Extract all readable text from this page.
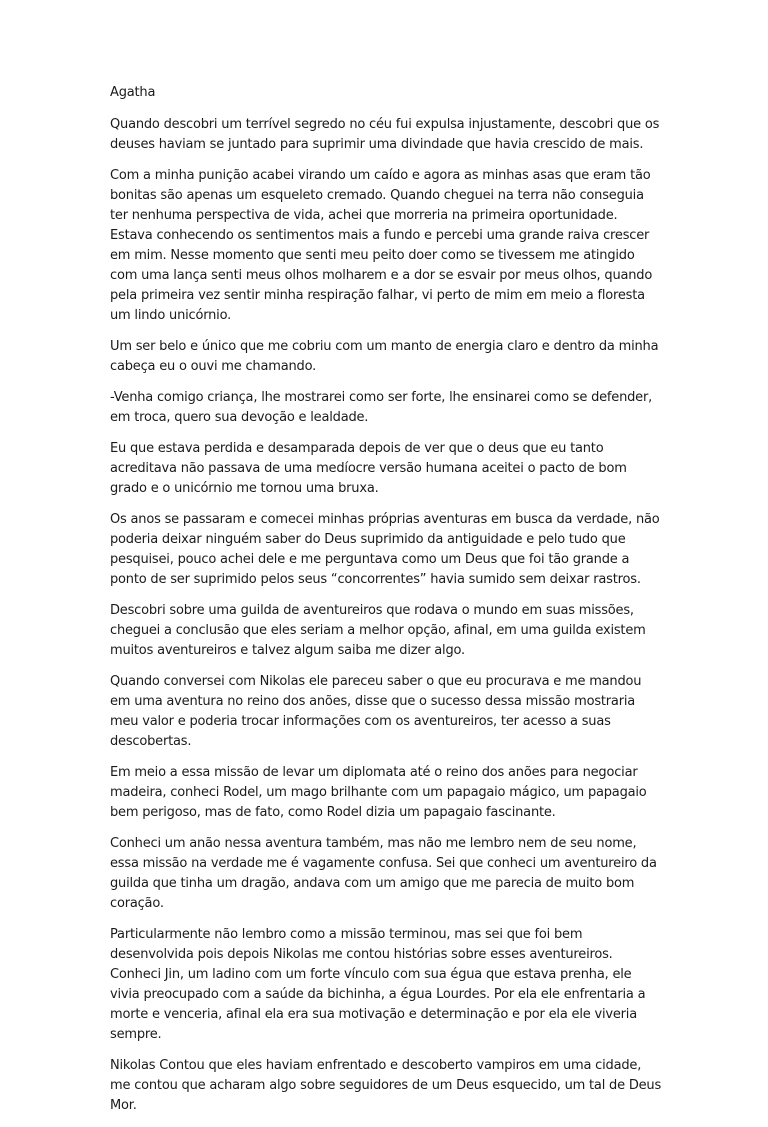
Agatha

Quando descobri um terrível segredo no céu fui expulsa injustamente, descobri que os deuses haviam se juntado para suprimir uma divindade que havia crescido de mais.

Com a minha punição acabei virando um caído e agora as minhas asas que eram tão bonitas são apenas um esqueleto cremado. Quando cheguei na terra não conseguia ter nenhuma perspectiva de vida, achei que morreria na primeira oportunidade. Estava conhecendo os sentimentos mais a fundo e percebi uma grande raiva crescer em mim. Nesse momento que senti meu peito doer como se tivessem me atingido com uma lança senti meus olhos molharem e a dor se esvair por meus olhos, quando pela primeira vez sentir minha respiração falhar, vi perto de mim em meio a floresta um lindo unicórnio.

Um ser belo e único que me cobriu com um manto de energia claro e dentro da minha cabeça eu o ouvi me chamando.

-Venha comigo criança, lhe mostrarei como ser forte, lhe ensinarei como se defender, em troca, quero sua devoção e lealdade.

Eu que estava perdida e desamparada depois de ver que o deus que eu tanto acreditava não passava de uma medíocre versão humana aceitei o pacto de bom grado e o unicórnio me tornou uma bruxa.

Os anos se passaram e comecei minhas próprias aventuras em busca da verdade, não poderia deixar ninguém saber do Deus suprimido da antiguidade e pelo tudo que pesquisei, pouco achei dele e me perguntava como um Deus que foi tão grande a ponto de ser suprimido pelos seus “concorrentes” havia sumido sem deixar rastros.

Descobri sobre uma guilda de aventureiros que rodava o mundo em suas missões, cheguei a conclusão que eles seriam a melhor opção, afinal, em uma guilda existem muitos aventureiros e talvez algum saiba me dizer algo.

Quando conversei com Nikolas ele pareceu saber o que eu procurava e me mandou em uma aventura no reino dos anões, disse que o sucesso dessa missão mostraria meu valor e poderia trocar informações com os aventureiros, ter acesso a suas descobertas.

Em meio a essa missão de levar um diplomata até o reino dos anões para negociar madeira, conheci Rodel, um mago brilhante com um papagaio mágico, um papagaio bem perigoso, mas de fato, como Rodel dizia um papagaio fascinante.

Conheci um anão nessa aventura também, mas não me lembro nem de seu nome, essa missão na verdade me é vagamente confusa. Sei que conheci um aventureiro da guilda que tinha um dragão, andava com um amigo que me parecia de muito bom coração.

Particularmente não lembro como a missão terminou, mas sei que foi bem desenvolvida pois depois Nikolas me contou histórias sobre esses aventureiros. Conheci Jin, um ladino com um forte vínculo com sua égua que estava prenha, ele vivia preocupado com a saúde da bichinha, a égua Lourdes. Por ela ele enfrentaria a morte e venceria, afinal ela era sua motivação e determinação e por ela ele viveria sempre.

Nikolas Contou que eles haviam enfrentado e descoberto vampiros em uma cidade, me contou que acharam algo sobre seguidores de um Deus esquecido, um tal de Deus Mor.
